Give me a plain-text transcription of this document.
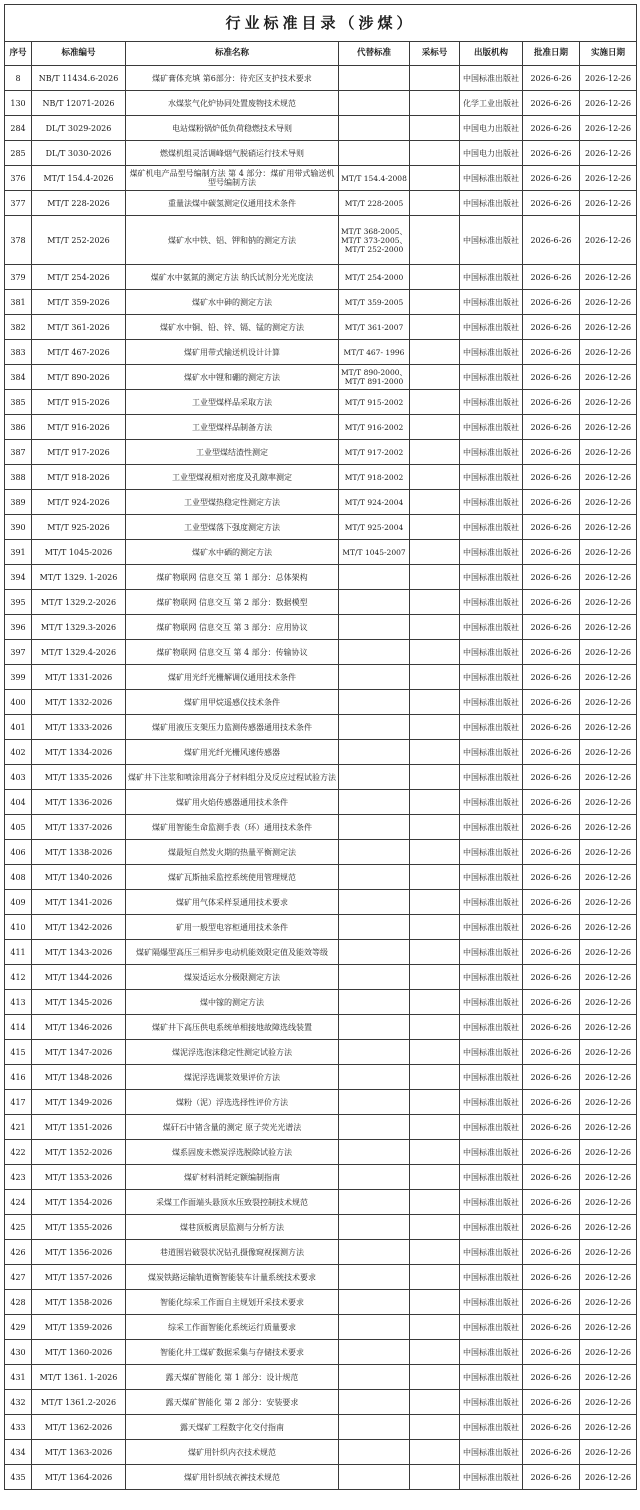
行业标准目录（涉煤）							
序号	标准编号	标准名称	代替标准	采标号	出版机构	批准日期	实施日期
8	NB/T 11434.6-2026	煤矿膏体充填 第6部分：待充区支护技术要求			中国标准出版社	2026-6-26	2026-12-26
130	NB/T 12071-2026	水煤浆气化炉协同处置废物技术规范			化学工业出版社	2026-6-26	2026-12-26
284	DL/T 3029-2026	电站煤粉锅炉低负荷稳燃技术导则			中国电力出版社	2026-6-26	2026-12-26
285	DL/T 3030-2026	燃煤机组灵活调峰烟气脱硝运行技术导则			中国电力出版社	2026-6-26	2026-12-26
376	MT/T 154.4-2026	煤矿机电产品型号编制方法 第 4 部分：煤矿用带式输送机型号编制方法	MT/T 154.4-2008		中国标准出版社	2026-6-26	2026-12-26
377	MT/T 228-2026	重量法煤中碳氢测定仪通用技术条件	MT/T 228-2005		中国标准出版社	2026-6-26	2026-12-26
378	MT/T 252-2026	煤矿水中铁、铝、钾和钠的测定方法	MT/T 368-2005、MT/T 373-2005、MT/T 252-2000		中国标准出版社	2026-6-26	2026-12-26
379	MT/T 254-2026	煤矿水中氨氮的测定方法 纳氏试剂分光光度法	MT/T 254-2000		中国标准出版社	2026-6-26	2026-12-26
381	MT/T 359-2026	煤矿水中砷的测定方法	MT/T 359-2005		中国标准出版社	2026-6-26	2026-12-26
382	MT/T 361-2026	煤矿水中铜、铅、锌、镉、锰的测定方法	MT/T 361-2007		中国标准出版社	2026-6-26	2026-12-26
383	MT/T 467-2026	煤矿用带式输送机设计计算	MT/T 467- 1996		中国标准出版社	2026-6-26	2026-12-26
384	MT/T 890-2026	煤矿水中锂和硼的测定方法	MT/T 890-2000、MT/T 891-2000		中国标准出版社	2026-6-26	2026-12-26
385	MT/T 915-2026	工业型煤样品采取方法	MT/T 915-2002		中国标准出版社	2026-6-26	2026-12-26
386	MT/T 916-2026	工业型煤样品制备方法	MT/T 916-2002		中国标准出版社	2026-6-26	2026-12-26
387	MT/T 917-2026	工业型煤结渣性测定	MT/T 917-2002		中国标准出版社	2026-6-26	2026-12-26
388	MT/T 918-2026	工业型煤视相对密度及孔隙率测定	MT/T 918-2002		中国标准出版社	2026-6-26	2026-12-26
389	MT/T 924-2026	工业型煤热稳定性测定方法	MT/T 924-2004		中国标准出版社	2026-6-26	2026-12-26
390	MT/T 925-2026	工业型煤落下强度测定方法	MT/T 925-2004		中国标准出版社	2026-6-26	2026-12-26
391	MT/T 1045-2026	煤矿水中硒的测定方法	MT/T 1045-2007		中国标准出版社	2026-6-26	2026-12-26
394	MT/T 1329. 1-2026	煤矿物联网 信息交互 第 1 部分：总体架构			中国标准出版社	2026-6-26	2026-12-26
395	MT/T 1329.2-2026	煤矿物联网 信息交互 第 2 部分：数据模型			中国标准出版社	2026-6-26	2026-12-26
396	MT/T 1329.3-2026	煤矿物联网 信息交互 第 3 部分：应用协议			中国标准出版社	2026-6-26	2026-12-26
397	MT/T 1329.4-2026	煤矿物联网 信息交互 第 4 部分：传输协议			中国标准出版社	2026-6-26	2026-12-26
399	MT/T 1331-2026	煤矿用光纤光栅解调仪通用技术条件			中国标准出版社	2026-6-26	2026-12-26
400	MT/T 1332-2026	煤矿用甲烷遥感仪技术条件			中国标准出版社	2026-6-26	2026-12-26
401	MT/T 1333-2026	煤矿用液压支架压力监测传感器通用技术条件			中国标准出版社	2026-6-26	2026-12-26
402	MT/T 1334-2026	煤矿用光纤光栅风速传感器			中国标准出版社	2026-6-26	2026-12-26
403	MT/T 1335-2026	煤矿井下注浆和喷涂用高分子材料组分及反应过程试验方法			中国标准出版社	2026-6-26	2026-12-26
404	MT/T 1336-2026	煤矿用火焰传感器通用技术条件			中国标准出版社	2026-6-26	2026-12-26
405	MT/T 1337-2026	煤矿用智能生命监测手表（环）通用技术条件			中国标准出版社	2026-6-26	2026-12-26
406	MT/T 1338-2026	煤最短自然发火期的热量平衡测定法			中国标准出版社	2026-6-26	2026-12-26
408	MT/T 1340-2026	煤矿瓦斯抽采监控系统使用管理规范			中国标准出版社	2026-6-26	2026-12-26
409	MT/T 1341-2026	煤矿用气体采样泵通用技术要求			中国标准出版社	2026-6-26	2026-12-26
410	MT/T 1342-2026	矿用一般型电容柜通用技术条件			中国标准出版社	2026-6-26	2026-12-26
411	MT/T 1343-2026	煤矿隔爆型高压三相异步电动机能效限定值及能效等级			中国标准出版社	2026-6-26	2026-12-26
412	MT/T 1344-2026	煤炭适运水分极限测定方法			中国标准出版社	2026-6-26	2026-12-26
413	MT/T 1345-2026	煤中镓的测定方法			中国标准出版社	2026-6-26	2026-12-26
414	MT/T 1346-2026	煤矿井下高压供电系统单相接地故障选线装置			中国标准出版社	2026-6-26	2026-12-26
415	MT/T 1347-2026	煤泥浮选泡沫稳定性测定试验方法			中国标准出版社	2026-6-26	2026-12-26
416	MT/T 1348-2026	煤泥浮选调浆效果评价方法			中国标准出版社	2026-6-26	2026-12-26
417	MT/T 1349-2026	煤粉（泥）浮选选择性评价方法			中国标准出版社	2026-6-26	2026-12-26
421	MT/T 1351-2026	煤矸石中锗含量的测定 原子荧光光谱法			中国标准出版社	2026-6-26	2026-12-26
422	MT/T 1352-2026	煤系固废未燃炭浮选脱除试验方法			中国标准出版社	2026-6-26	2026-12-26
423	MT/T 1353-2026	煤矿材料消耗定额编制指南			中国标准出版社	2026-6-26	2026-12-26
424	MT/T 1354-2026	采煤工作面端头悬顶水压致裂控制技术规范			中国标准出版社	2026-6-26	2026-12-26
425	MT/T 1355-2026	煤巷顶板离层监测与分析方法			中国标准出版社	2026-6-26	2026-12-26
426	MT/T 1356-2026	巷道围岩破裂状况钻孔摄像窥视探测方法			中国标准出版社	2026-6-26	2026-12-26
427	MT/T 1357-2026	煤炭铁路运输轨道衡智能装车计量系统技术要求			中国标准出版社	2026-6-26	2026-12-26
428	MT/T 1358-2026	智能化综采工作面自主规划开采技术要求			中国标准出版社	2026-6-26	2026-12-26
429	MT/T 1359-2026	综采工作面智能化系统运行质量要求			中国标准出版社	2026-6-26	2026-12-26
430	MT/T 1360-2026	智能化井工煤矿数据采集与存储技术要求			中国标准出版社	2026-6-26	2026-12-26
431	MT/T 1361. 1-2026	露天煤矿智能化 第 1 部分：设计规范			中国标准出版社	2026-6-26	2026-12-26
432	MT/T 1361.2-2026	露天煤矿智能化 第 2 部分：安装要求			中国标准出版社	2026-6-26	2026-12-26
433	MT/T 1362-2026	露天煤矿工程数字化交付指南			中国标准出版社	2026-6-26	2026-12-26
434	MT/T 1363-2026	煤矿用针织内衣技术规范			中国标准出版社	2026-6-26	2026-12-26
435	MT/T 1364-2026	煤矿用针织绒衣裤技术规范			中国标准出版社	2026-6-26	2026-12-26
